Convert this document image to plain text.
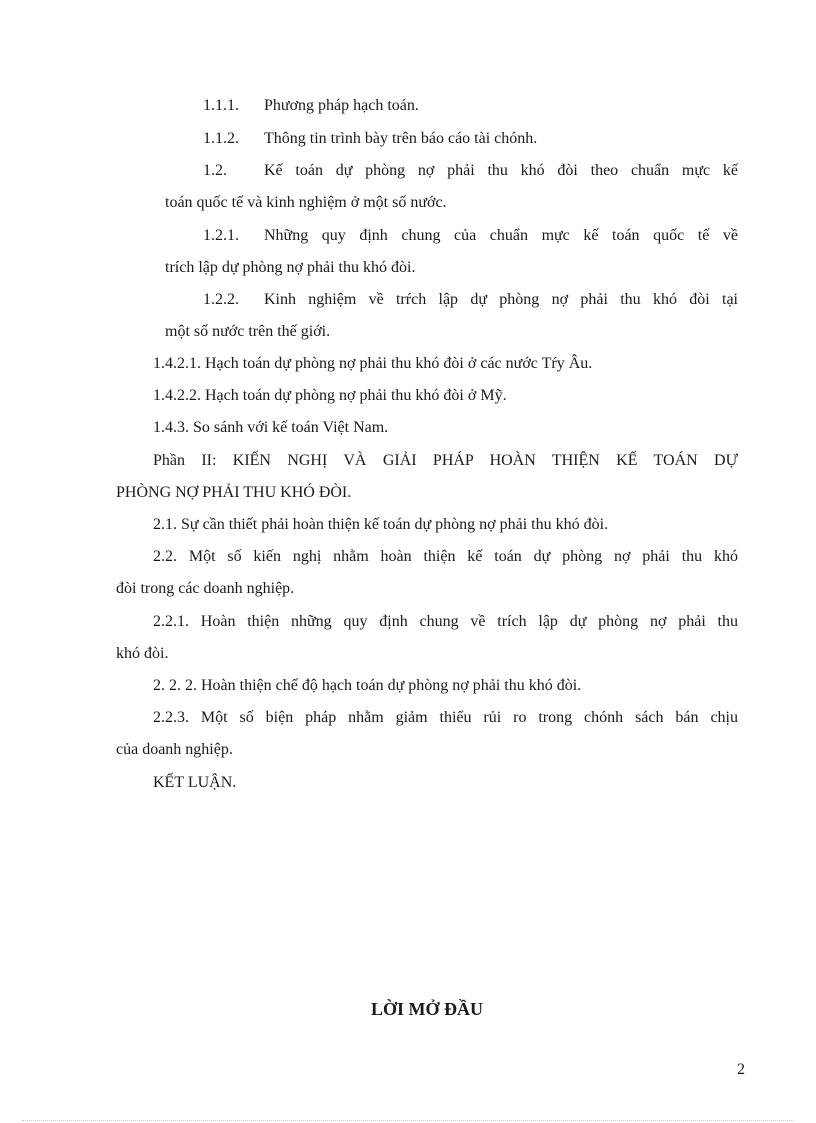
1.1.1. Phương pháp hạch toán.
1.1.2. Thông tin trình bày trên báo cáo tài chónh.
1.2.	Kế toán dự phòng nợ phải thu khó đòi theo chuẩn mực kế
toán quốc tế và kinh nghiệm ở một số nước.
1.2.1.	Những quy định chung của chuẩn mực kế toán quốc tế về
trích lập dự phòng nợ phải thu khó đòi.
1.2.2.	Kinh nghiệm về trŕch lập dự phòng nợ phải thu khó đòi tại
một số nước trên thế giới.
1.4.2.1. Hạch toán dự phòng nợ phải thu khó đòi ở các nước Tŕy Âu.
1.4.2.2. Hạch toán dự phòng nợ phải thu khó đòi ở Mỹ.
1.4.3. So sánh với kế toán Việt Nam.
Phần II: KIẾN NGHỊ VÀ GIẢI PHÁP HOÀN THIỆN KẾ TOÁN DỰ
PHÒNG NỢ PHẢI THU KHÓ ĐÒI.
2.1. Sự cần thiết phải hoàn thiện kế toán dự phòng nợ phải thu khó đòi.
2.2. Một số kiến nghị nhằm hoàn thiện kế toán dự phòng nợ phải thu khó
đòi trong các doanh nghiệp.
2.2.1. Hoàn thiện những quy định chung về trích lập dự phòng nợ phải thu
khó đòi.
2. 2. 2. Hoàn thiện chế độ hạch toán dự phòng nợ phải thu khó đòi.
2.2.3. Một số biện pháp nhằm giảm thiểu rủi ro trong chónh sách bán chịu
của doanh nghiệp.
KẾT LUẬN.
LỜI MỞ ĐẦU
2
